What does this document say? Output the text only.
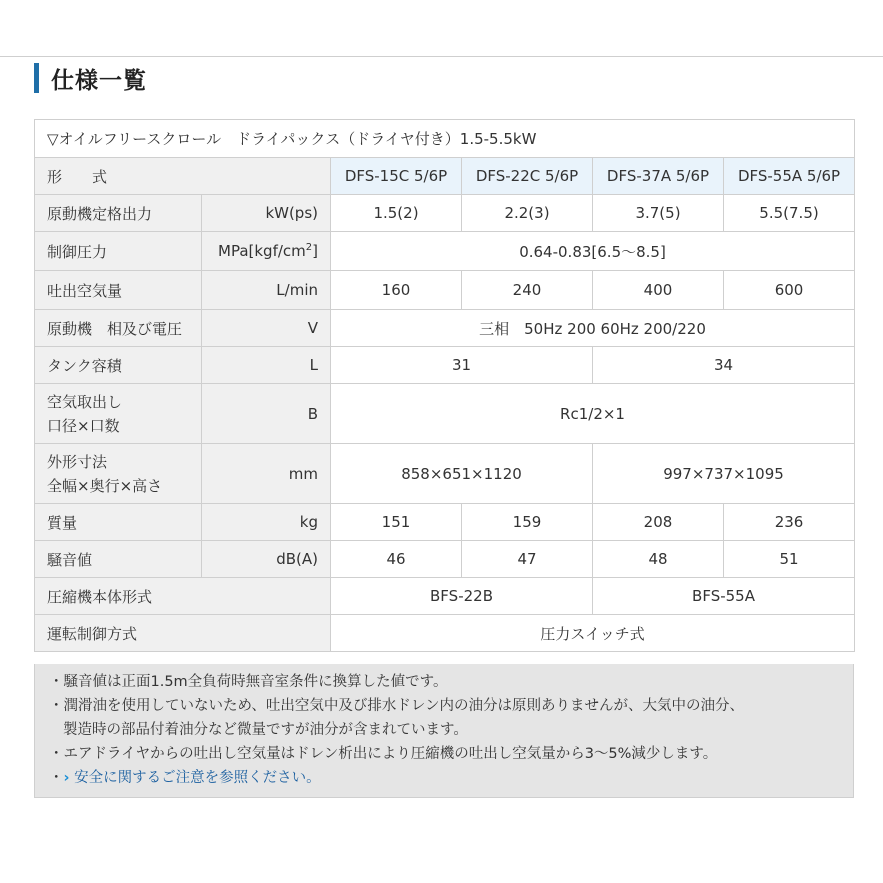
仕様一覧
▽オイルフリースクロール　ドライパックス（ドライヤ付き）1.5-5.5kW					
形　　式		DFS-15C 5/6P	DFS-22C 5/6P	DFS-37A 5/6P	DFS-55A 5/6P
原動機定格出力	kW(ps)	1.5(2)	2.2(3)	3.7(5)	5.5(7.5)
制御圧力	$MPa[kgf/cm^2]$	0.64-0.83[6.5〜8.5]			
吐出空気量	L/min	160	240	400	600
原動機　相及び電圧	V	三相　50Hz 200 60Hz 200/220			
タンク容積	L	31		34	

空気取出し
口径×口数	B	Rc1/2×1			

外形寸法
全幅×奥行×高さ	mm	858×651×1120		997×737×1095	
質量	kg	151	159	208	236
騒音値	dB(A)	46	47	48	51
圧縮機本体形式		BFS-22B		BFS-55A	
運転制御方式		圧力スイッチ式			
・騒音値は正面1.5m全負荷時無音室条件に換算した値です。
・潤滑油を使用していないため、吐出空気中及び排水ドレン内の油分は原則ありませんが、大気中の油分、
製造時の部品付着油分など微量ですが油分が含まれています。
・エアドライヤからの吐出し空気量はドレン析出により圧縮機の吐出し空気量から3〜5%減少します。
・› 安全に関するご注意を参照ください。
